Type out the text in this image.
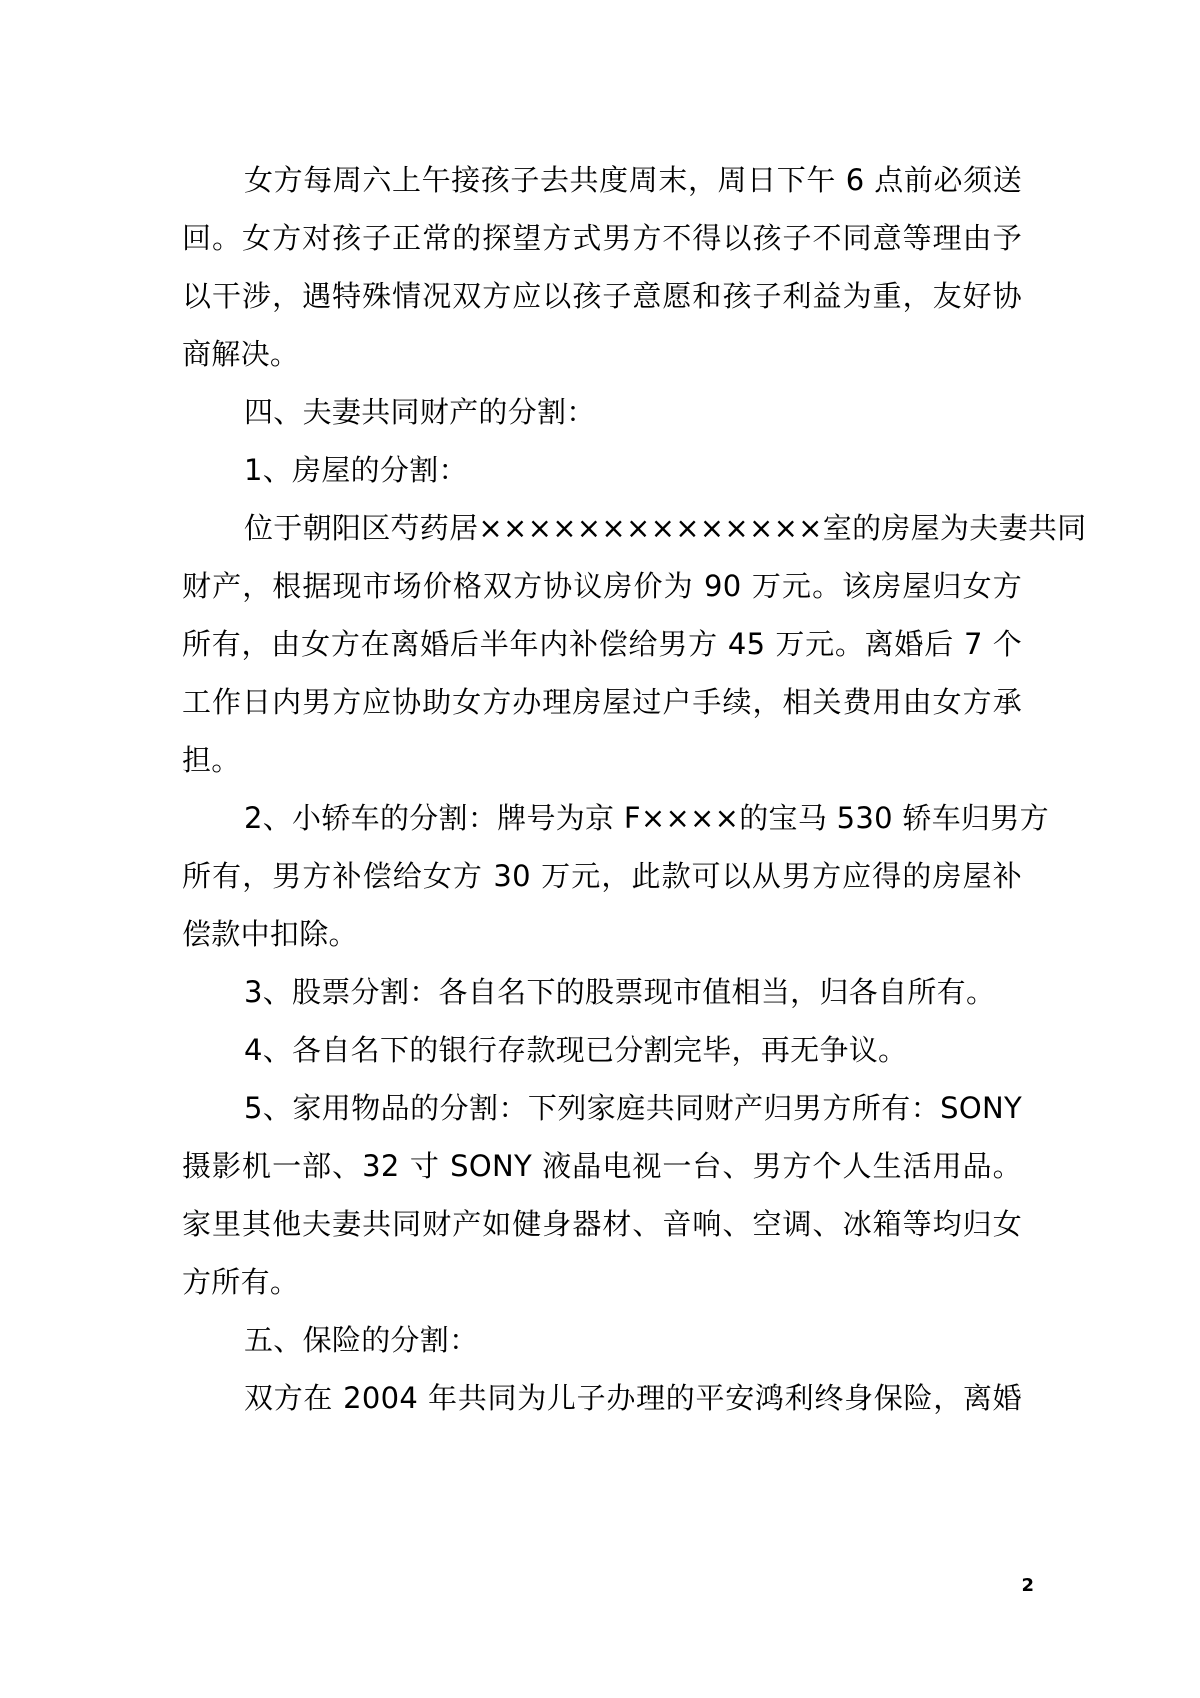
女方每周六上午接孩子去共度周末，周日下午 6 点前必须送
回。女方对孩子正常的探望方式男方不得以孩子不同意等理由予
以干涉，遇特殊情况双方应以孩子意愿和孩子利益为重，友好协
商解决。
四、夫妻共同财产的分割：
1、房屋的分割：
位于朝阳区芍药居××××××××××××××室的房屋为夫妻共同
财产，根据现市场价格双方协议房价为 90 万元。该房屋归女方
所有，由女方在离婚后半年内补偿给男方 45 万元。离婚后 7 个
工作日内男方应协助女方办理房屋过户手续，相关费用由女方承
担。
2、小轿车的分割：牌号为京 F××××的宝马 530 轿车归男方
所有，男方补偿给女方 30 万元，此款可以从男方应得的房屋补
偿款中扣除。
3、股票分割：各自名下的股票现市值相当，归各自所有。
4、各自名下的银行存款现已分割完毕，再无争议。
5、家用物品的分割：下列家庭共同财产归男方所有：SONY
摄影机一部、32 寸 SONY 液晶电视一台、男方个人生活用品。
家里其他夫妻共同财产如健身器材、音响、空调、冰箱等均归女
方所有。
五、保险的分割：
双方在 2004 年共同为儿子办理的平安鸿利终身保险，离婚
2
